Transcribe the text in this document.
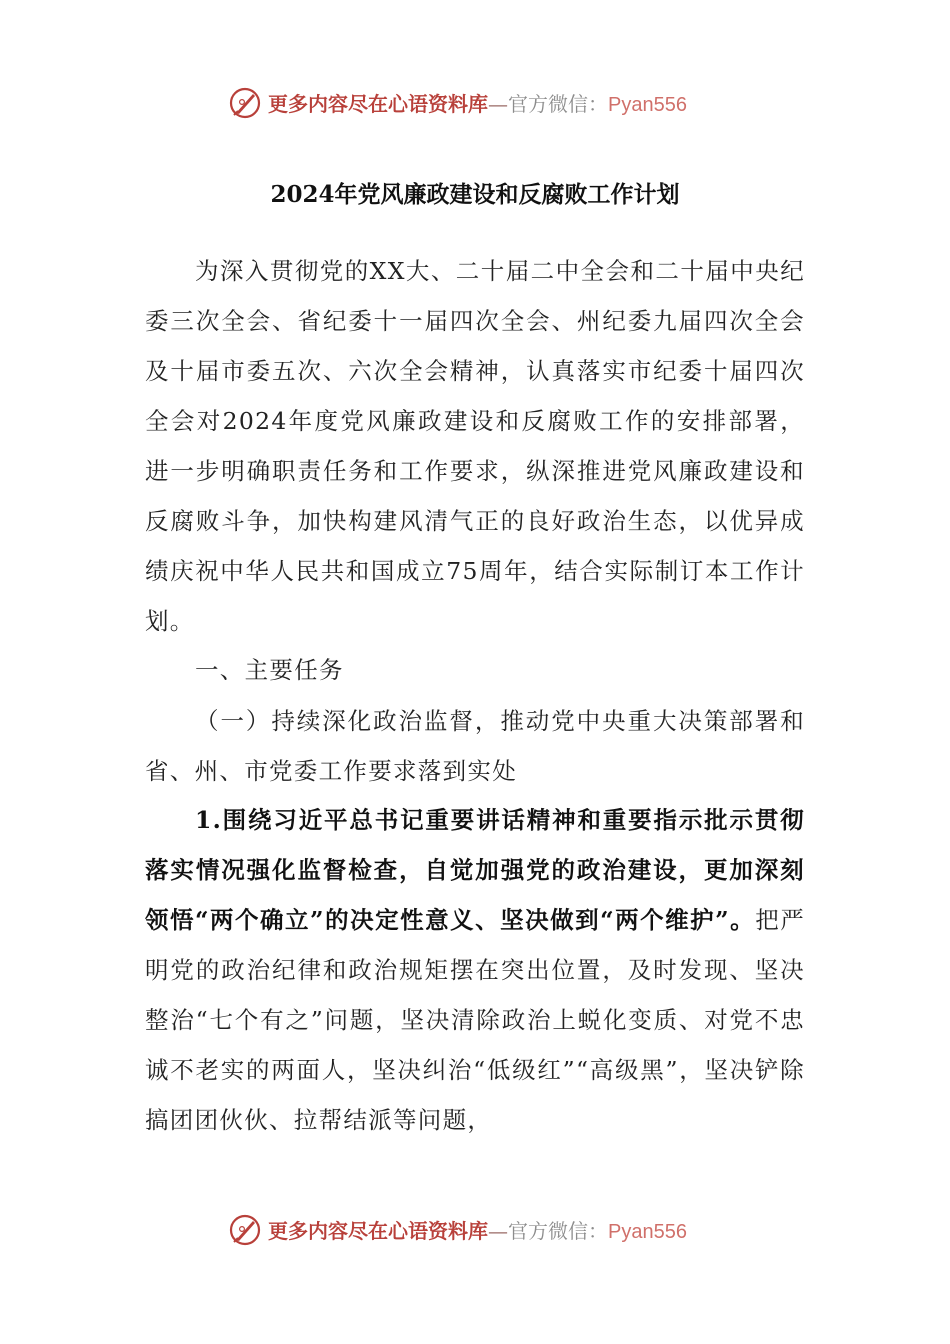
更多内容尽在心语资料库—官方微信：Pyan556
2024年党风廉政建设和反腐败工作计划

为深入贯彻党的XX大、二十届二中全会和二十届中央纪委三次全会、省纪委十一届四次全会、州纪委九届四次全会及十届市委五次、六次全会精神，认真落实市纪委十届四次全会对2024年度党风廉政建设和反腐败工作的安排部署，进一步明确职责任务和工作要求，纵深推进党风廉政建设和反腐败斗争，加快构建风清气正的良好政治生态，以优异成绩庆祝中华人民共和国成立75周年，结合实际制订本工作计划。

一、主要任务

（一）持续深化政治监督，推动党中央重大决策部署和省、州、市党委工作要求落到实处

1.围绕习近平总书记重要讲话精神和重要指示批示贯彻落实情况强化监督检查，自觉加强党的政治建设，更加深刻领悟“两个确立”的决定性意义、坚决做到“两个维护”。把严明党的政治纪律和政治规矩摆在突出位置，及时发现、坚决整治“七个有之”问题，坚决清除政治上蜕化变质、对党不忠诚不老实的两面人，坚决纠治“低级红”“高级黑”，坚决铲除搞团团伙伙、拉帮结派等问题，

更多内容尽在心语资料库—官方微信：Pyan556
